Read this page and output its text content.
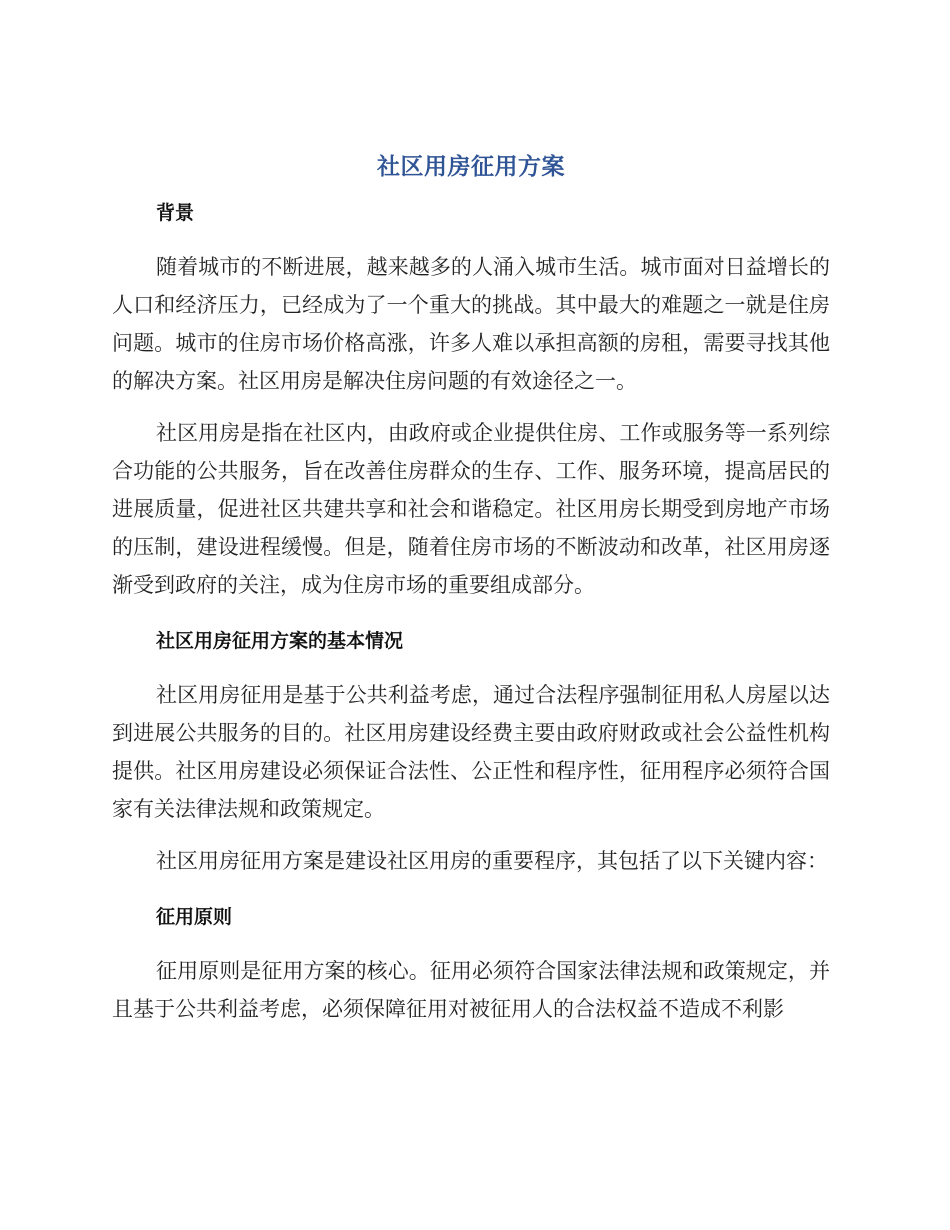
社区用房征用方案
背景

随着城市的不断进展，越来越多的人涌入城市生活。城市面对日益增长的人口和经济压力，已经成为了一个重大的挑战。其中最大的难题之一就是住房问题。城市的住房市场价格高涨，许多人难以承担高额的房租，需要寻找其他的解决方案。社区用房是解决住房问题的有效途径之一。

社区用房是指在社区内，由政府或企业提供住房、工作或服务等一系列综合功能的公共服务，旨在改善住房群众的生存、工作、服务环境，提高居民的进展质量，促进社区共建共享和社会和谐稳定。社区用房长期受到房地产市场的压制，建设进程缓慢。但是，随着住房市场的不断波动和改革，社区用房逐渐受到政府的关注，成为住房市场的重要组成部分。

社区用房征用方案的基本情况

社区用房征用是基于公共利益考虑，通过合法程序强制征用私人房屋以达到进展公共服务的目的。社区用房建设经费主要由政府财政或社会公益性机构提供。社区用房建设必须保证合法性、公正性和程序性，征用程序必须符合国家有关法律法规和政策规定。

社区用房征用方案是建设社区用房的重要程序，其包括了以下关键内容：

征用原则

征用原则是征用方案的核心。征用必须符合国家法律法规和政策规定，并且基于公共利益考虑，必须保障征用对被征用人的合法权益不造成不利影
